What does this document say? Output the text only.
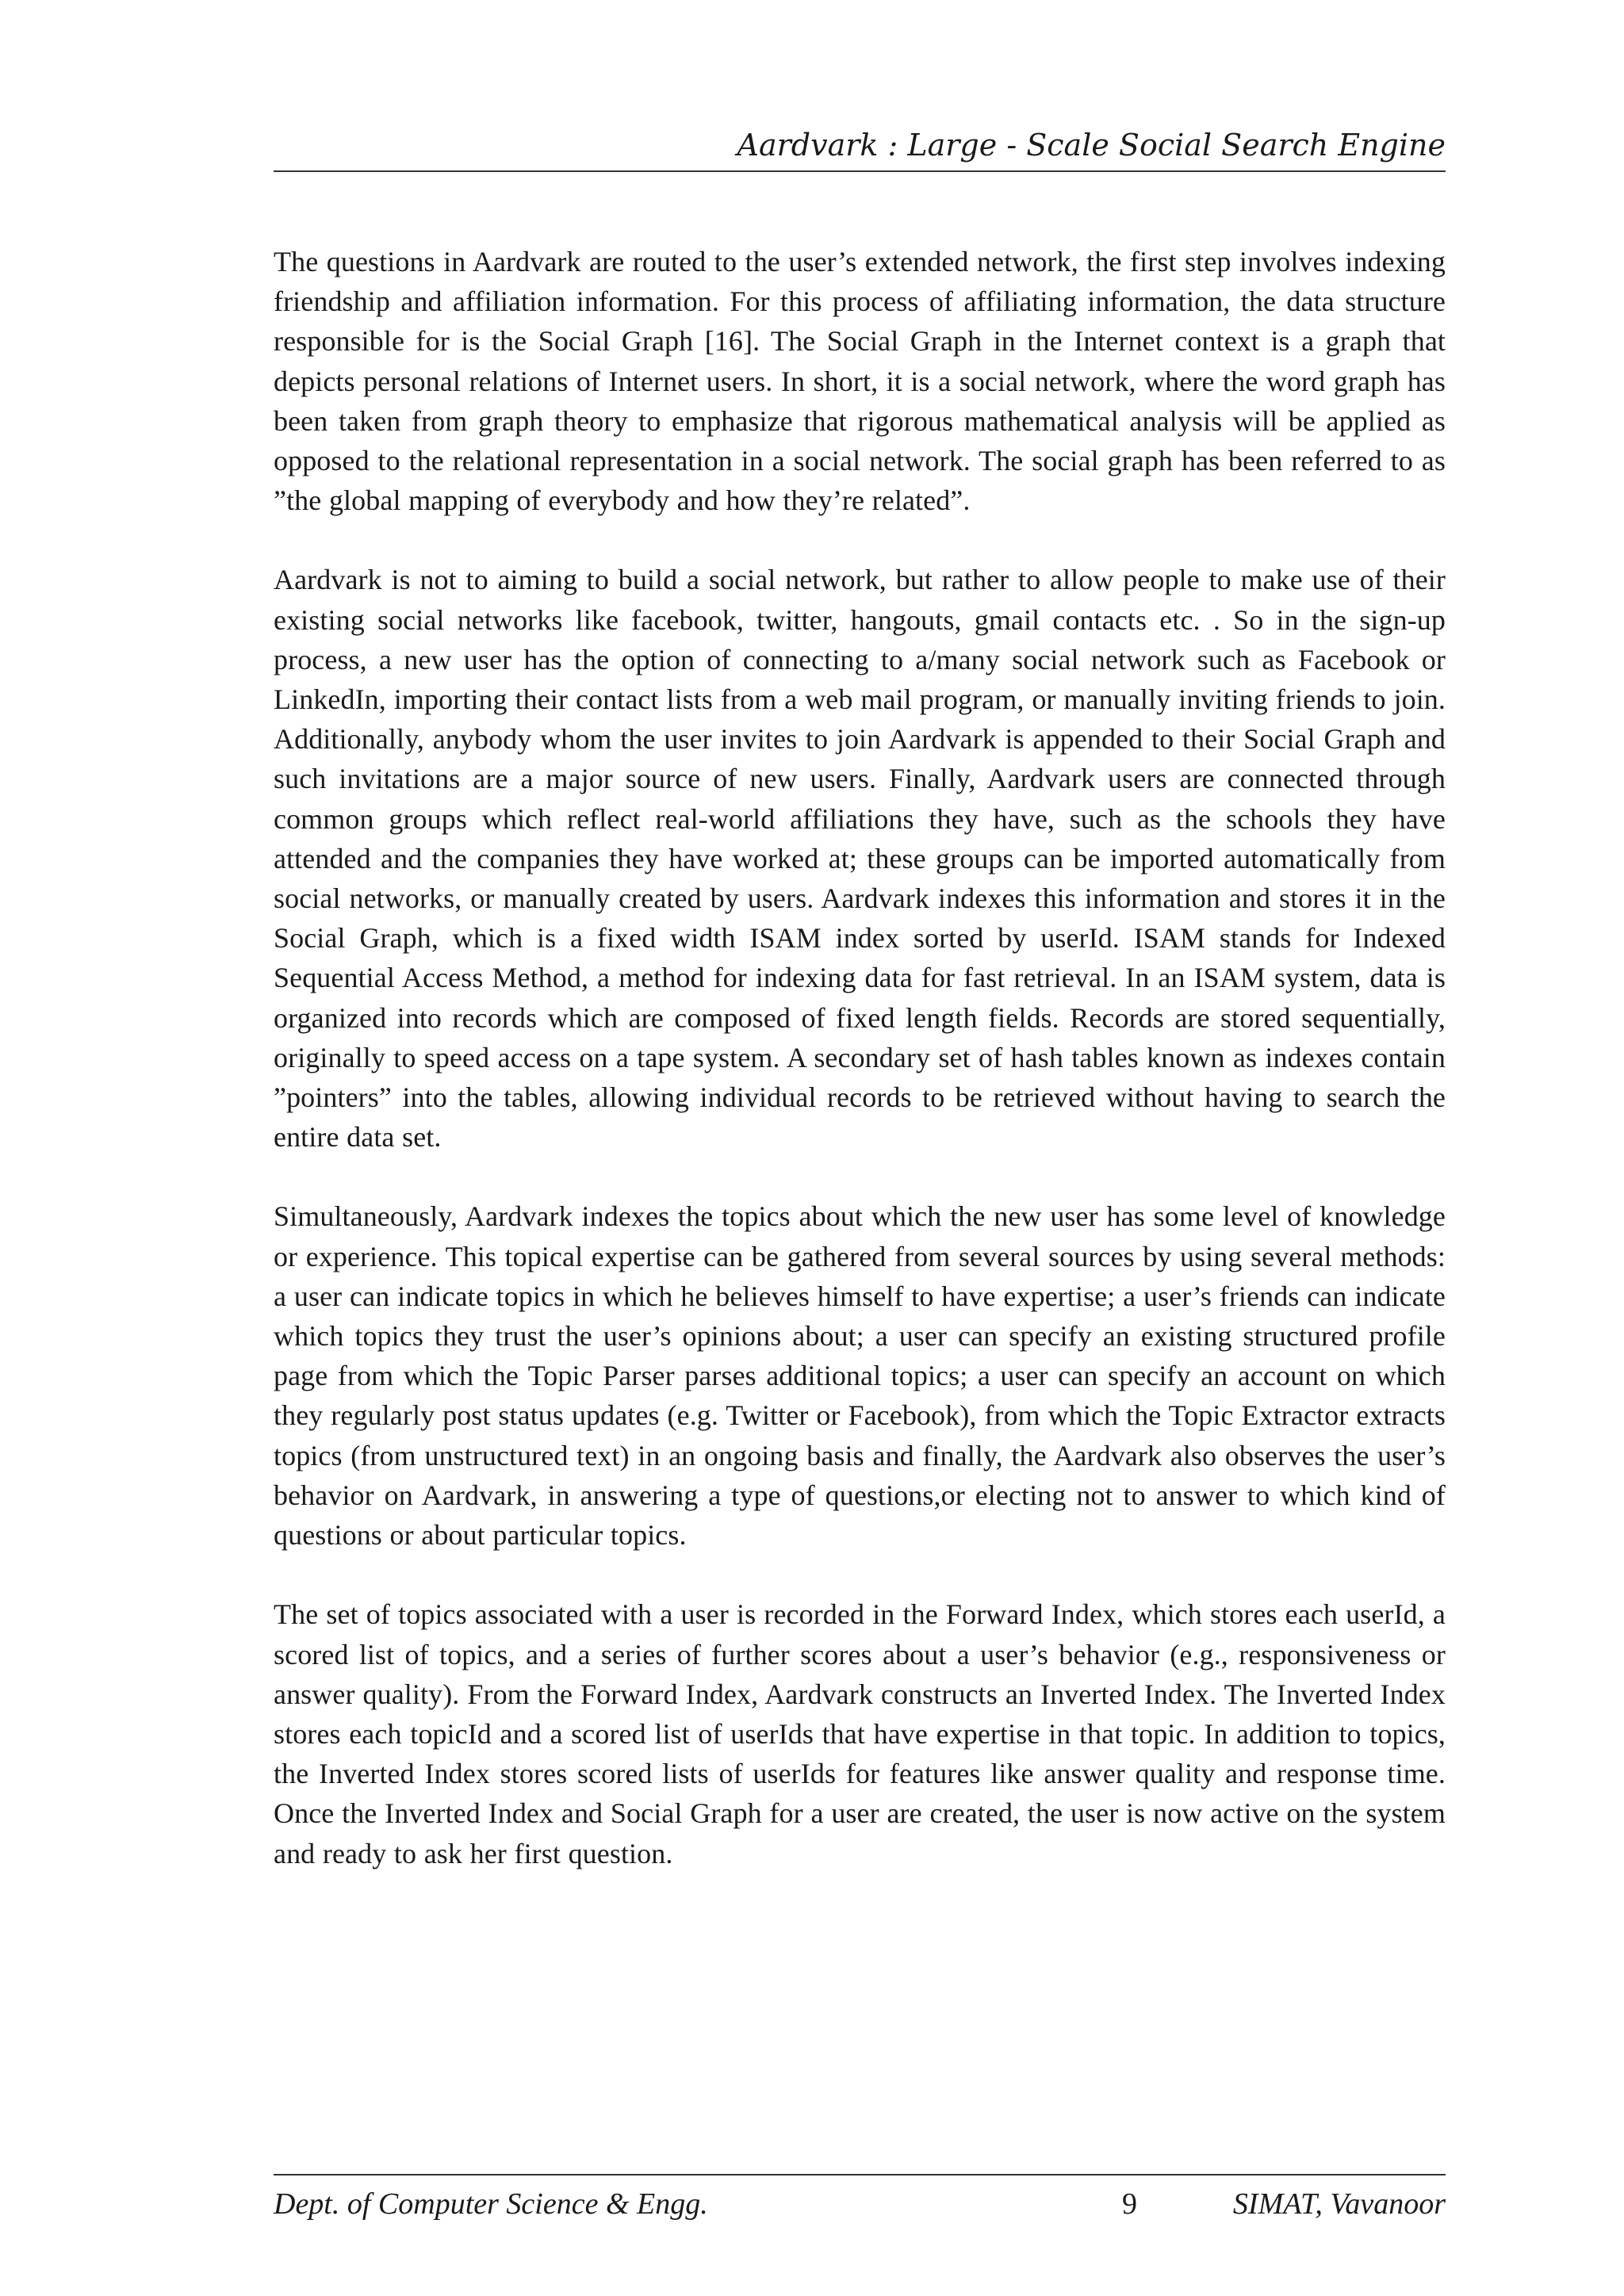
Aardvark : Large - Scale Social Search Engine

The questions in Aardvark are routed to the user’s extended network, the first step involves indexing friendship and affiliation information. For this process of affiliating information, the data structure responsible for is the Social Graph [16]. The Social Graph in the Internet context is a graph that depicts personal relations of Internet users. In short, it is a social network, where the word graph has been taken from graph theory to emphasize that rigorous mathematical analysis will be applied as opposed to the relational representation in a social network. The social graph has been referred to as ”the global mapping of everybody and how they’re related”.

Aardvark is not to aiming to build a social network, but rather to allow people to make use of their existing social networks like facebook, twitter, hangouts, gmail contacts etc. . So in the sign-up process, a new user has the option of connecting to a/many social network such as Facebook or LinkedIn, importing their contact lists from a web mail program, or manually inviting friends to join. Additionally, anybody whom the user invites to join Aardvark is appended to their Social Graph and such invitations are a major source of new users. Finally, Aardvark users are connected through common groups which reflect real-world affiliations they have, such as the schools they have attended and the companies they have worked at; these groups can be imported automatically from social networks, or manually created by users. Aardvark indexes this information and stores it in the Social Graph, which is a fixed width ISAM index sorted by userId. ISAM stands for Indexed Sequential Access Method, a method for indexing data for fast retrieval. In an ISAM system, data is organized into records which are composed of fixed length fields. Records are stored sequentially, originally to speed access on a tape system. A secondary set of hash tables known as indexes contain ”pointers” into the tables, allowing individual records to be retrieved without having to search the entire data set.

Simultaneously, Aardvark indexes the topics about which the new user has some level of knowledge or experience. This topical expertise can be gathered from several sources by using several methods: a user can indicate topics in which he believes himself to have expertise; a user’s friends can indicate which topics they trust the user’s opinions about; a user can specify an existing structured profile page from which the Topic Parser parses additional topics; a user can specify an account on which they regularly post status updates (e.g. Twitter or Facebook), from which the Topic Extractor extracts topics (from unstructured text) in an ongoing basis and finally, the Aardvark also observes the user’s behavior on Aardvark, in answering a type of questions,or electing not to answer to which kind of questions or about particular topics.

The set of topics associated with a user is recorded in the Forward Index, which stores each userId, a scored list of topics, and a series of further scores about a user’s behavior (e.g., responsiveness or answer quality). From the Forward Index, Aardvark constructs an Inverted Index. The Inverted Index stores each topicId and a scored list of userIds that have expertise in that topic. In addition to topics, the Inverted Index stores scored lists of userIds for features like answer quality and response time. Once the Inverted Index and Social Graph for a user are created, the user is now active on the system and ready to ask her first question.

Dept. of Computer Science & Engg.	9	SIMAT, Vavanoor
